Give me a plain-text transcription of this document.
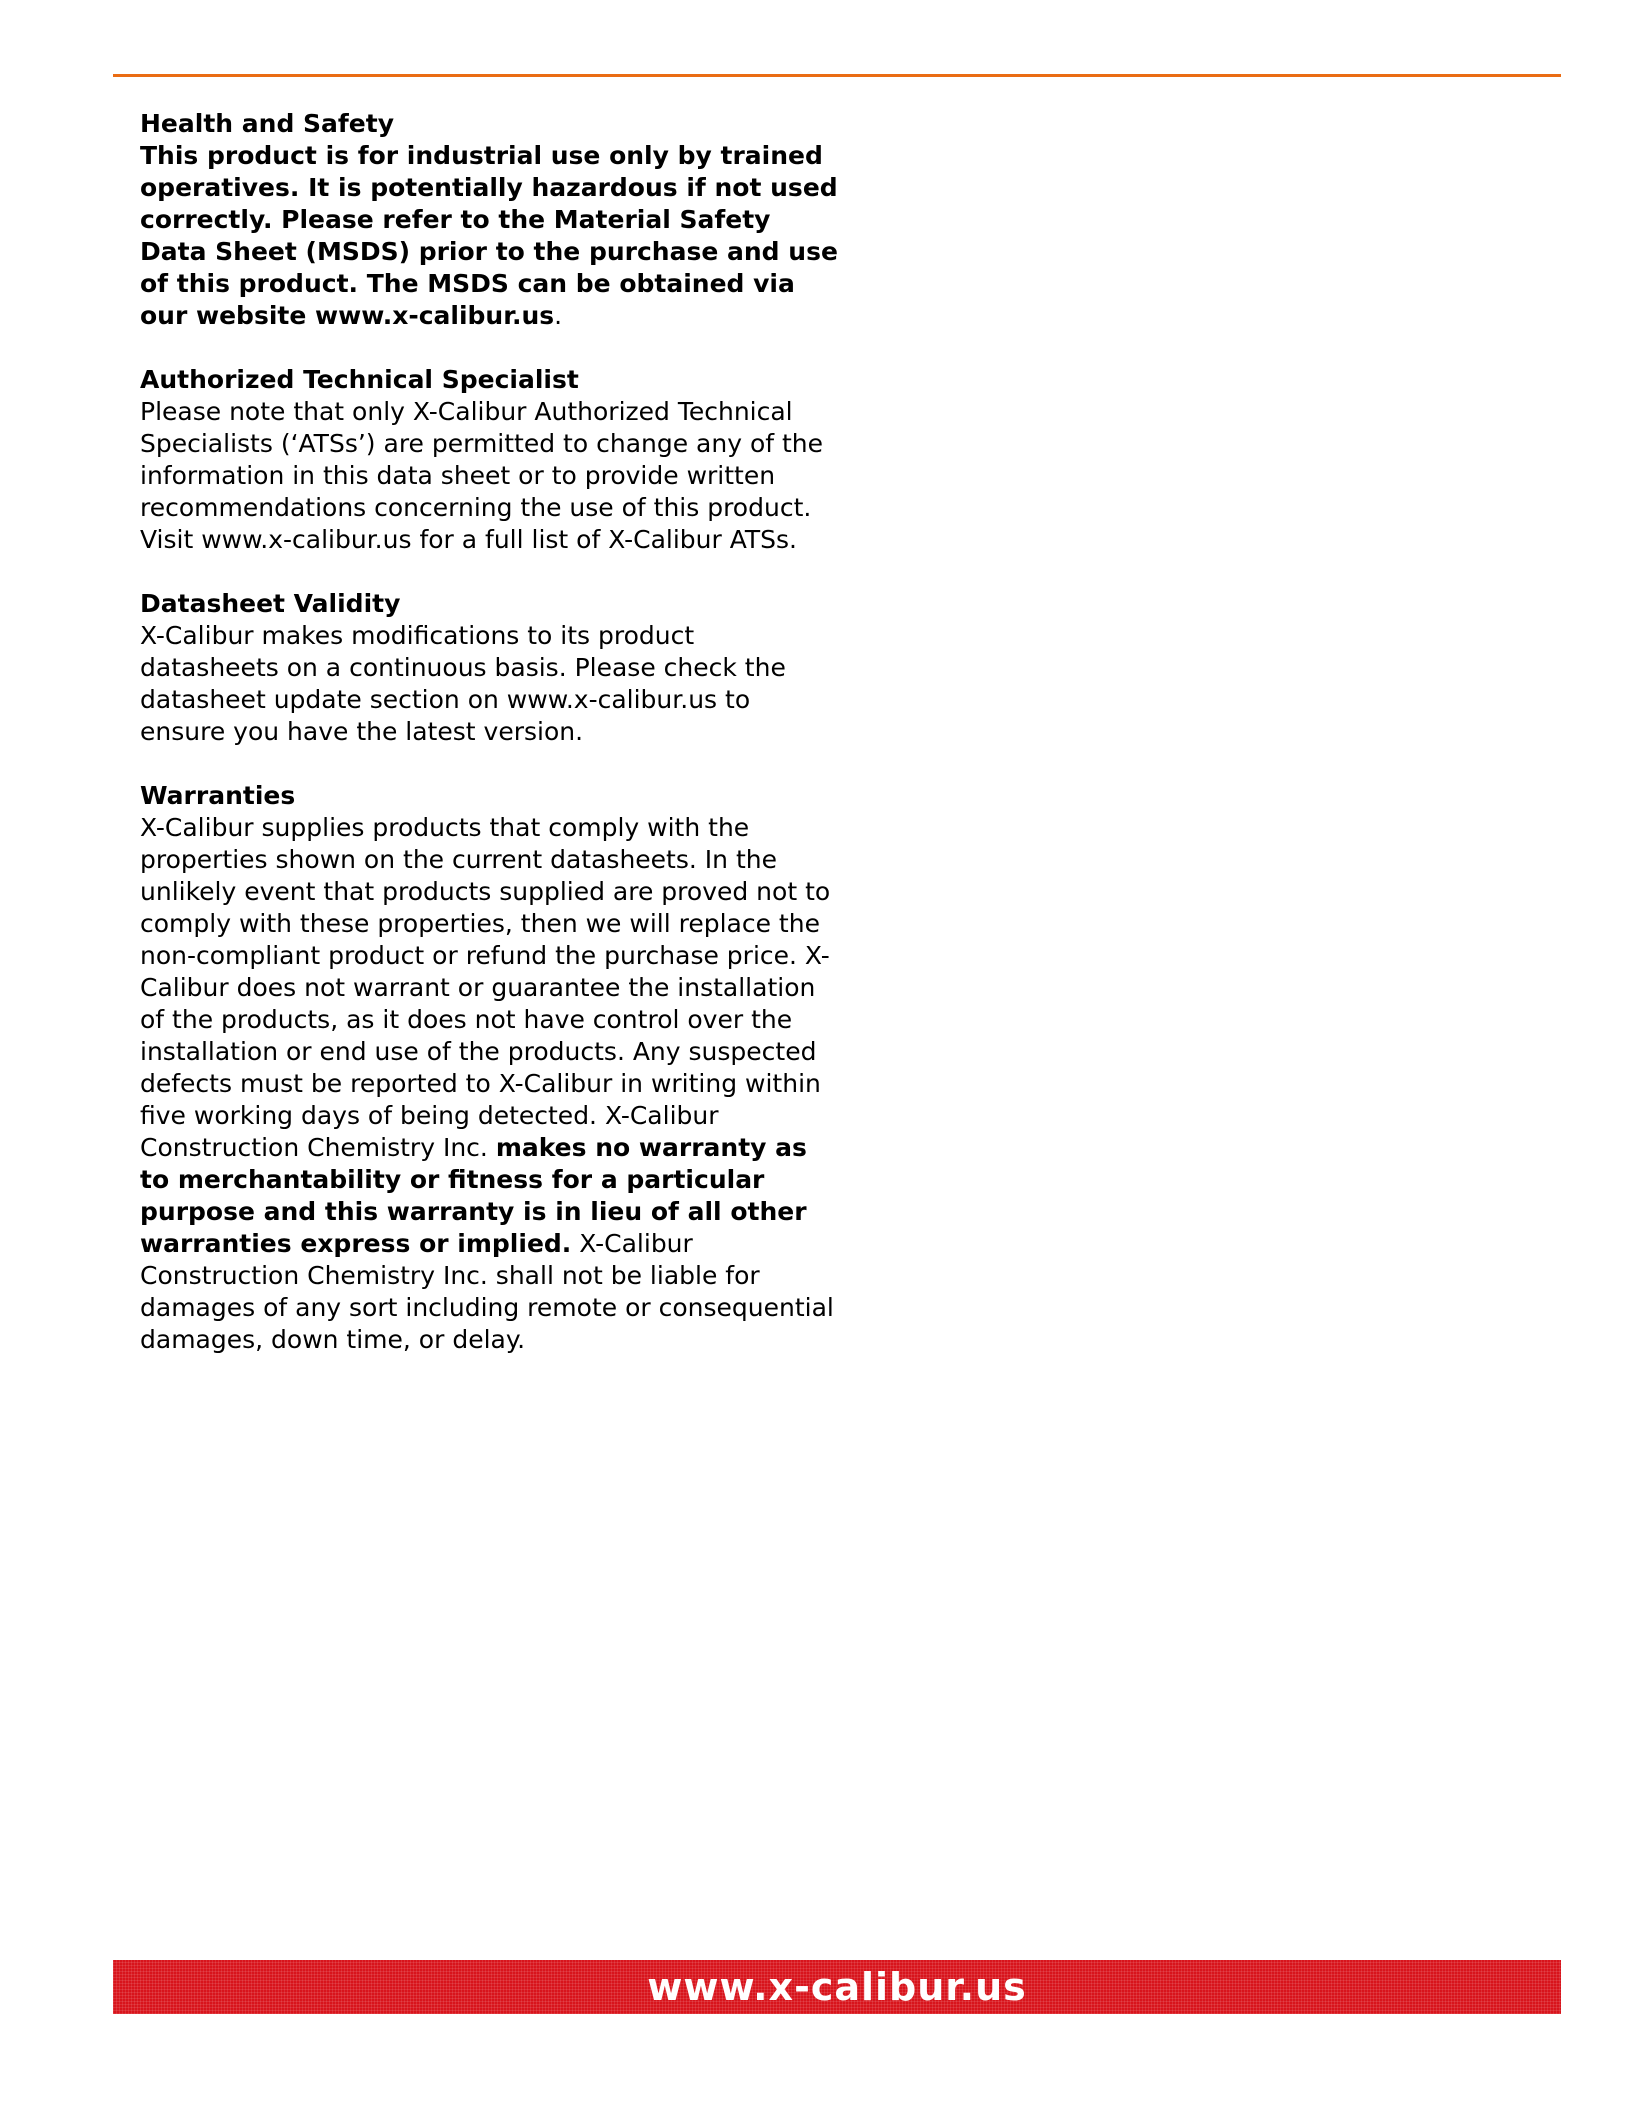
Health and Safety

This product is for industrial use only by trained operatives. It is potentially hazardous if not used correctly. Please refer to the Material Safety Data Sheet (MSDS) prior to the purchase and use of this product. The MSDS can be obtained via our website www.x-calibur.us.

Authorized Technical Specialist

Please note that only X-Calibur Authorized Technical Specialists (‘ATSs’) are permitted to change any of the information in this data sheet or to provide written recommendations concerning the use of this product. Visit www.x-calibur.us for a full list of X-Calibur ATSs.

Datasheet Validity

X-Calibur makes modifications to its product datasheets on a continuous basis. Please check the datasheet update section on www.x-calibur.us to ensure you have the latest version.

Warranties

X-Calibur supplies products that comply with the properties shown on the current datasheets. In the unlikely event that products supplied are proved not to comply with these properties, then we will replace the non-compliant product or refund the purchase price. X-Calibur does not warrant or guarantee the installation of the products, as it does not have control over the installation or end use of the products. Any suspected defects must be reported to X-Calibur in writing within five working days of being detected. X-Calibur Construction Chemistry Inc. makes no warranty as to merchantability or fitness for a particular purpose and this warranty is in lieu of all other warranties express or implied. X-Calibur Construction Chemistry Inc. shall not be liable for damages of any sort including remote or consequential damages, down time, or delay.

www.x-calibur.us
